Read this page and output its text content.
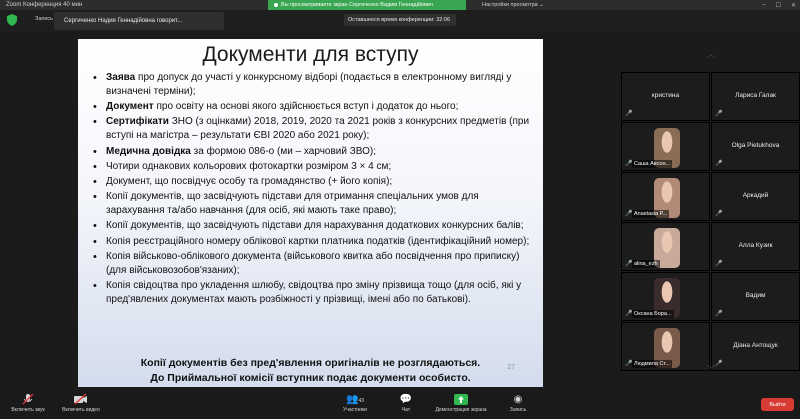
Zoom Конференция 40 мин	Вы просматриваете экран Сергиченко Вадим Геннадійович	Настройки просмотра ⌄	– ☐ ✕
Запись	Сергиченко Надия Геннадійовна говорит...	Оставшееся время конференции: 32:06
Документи для вступу
• Заява про допуск до участі у конкурсному відборі (подається в електронному вигляді у визначені терміни);
• Документ про освіту на основі якого здійснюється вступ і додаток до нього;
• Сертифікати ЗНО (з оцінками) 2018, 2019, 2020 та 2021 років з конкурсних предметів (при вступі на магістра – результати ЄВІ 2020 або 2021 року);
• Медична довідка за формою 086-о (ми – харчовий ЗВО);
• Чотири однакових кольорових фотокартки розміром 3 × 4 см;
• Документ, що посвідчує особу та громадянство (+ його копія);
• Копії документів, що засвідчують підстави для отримання спеціальних умов для зарахування та/або навчання (для осіб, які мають таке право);
• Копії документів, що засвідчують підстави для нарахування додаткових конкурсних балів;
• Копія реєстраційного номеру облікової картки платника податків (ідентифікаційний номер);
• Копія військово-облікового документа (військового квитка або посвідчення про приписку) (для військовозобов'язаних);
• Копія свідоцтва про укладення шлюбу, свідоцтва про зміну прізвища тощо (для осіб, які у пред'явлених документах мають розбіжності у прізвищі, імені або по батькові).
Копії документів без пред'явлення оригіналів не розглядаються.
До Приймальної комісії вступник подає документи особисто.
27
︿
кристина
🎤
Лариса Галак
🎤
Саша Авсон...
🎤
Olga Pietukhova
🎤
Anastasia P...
🎤
Аркадий
🎤
alina_ezh
🎤
Алла Кузик
🎤
Оксана Бора...
🎤
Вадим
🎤
Людмила Ст...
🎤
Діана Антощук
🎤
﹀
Включить звук	Включить видео
👥43
Участники
💬
Чат	Демонстрация экрана
◉
Запись
Выйти
